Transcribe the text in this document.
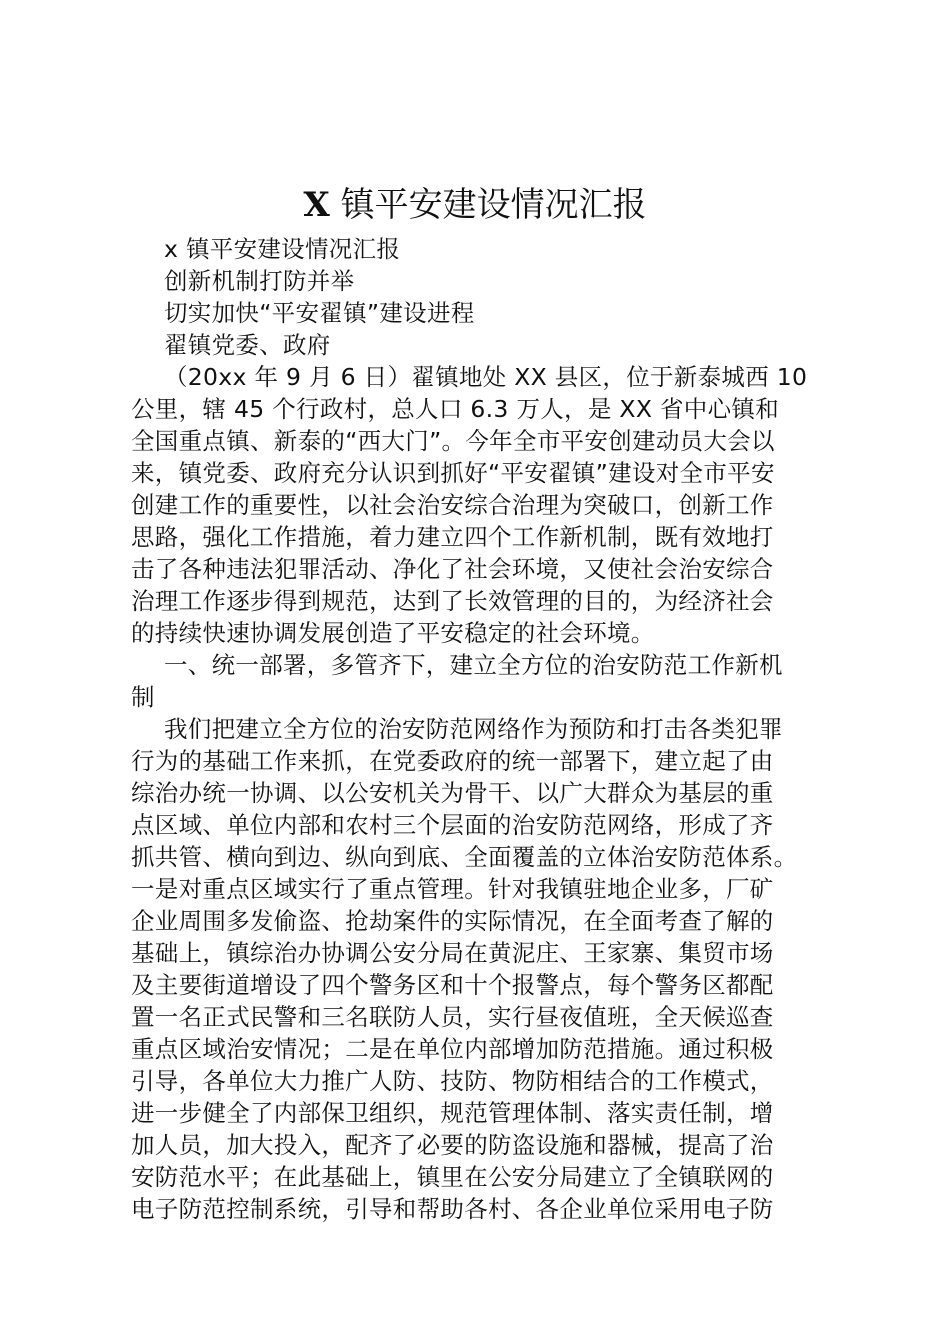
X 镇平安建设情况汇报
x 镇平安建设情况汇报
创新机制打防并举
切实加快“平安翟镇”建设进程
翟镇党委、政府
（20xx 年 9 月 6 日）翟镇地处 XX 县区，位于新泰城西 10
公里，辖 45 个行政村，总人口 6.3 万人，是 XX 省中心镇和
全国重点镇、新泰的“西大门”。今年全市平安创建动员大会以
来，镇党委、政府充分认识到抓好“平安翟镇”建设对全市平安
创建工作的重要性，以社会治安综合治理为突破口，创新工作
思路，强化工作措施，着力建立四个工作新机制，既有效地打
击了各种违法犯罪活动、净化了社会环境，又使社会治安综合
治理工作逐步得到规范，达到了长效管理的目的，为经济社会
的持续快速协调发展创造了平安稳定的社会环境。
一、统一部署，多管齐下，建立全方位的治安防范工作新机
制
我们把建立全方位的治安防范网络作为预防和打击各类犯罪
行为的基础工作来抓，在党委政府的统一部署下，建立起了由
综治办统一协调、以公安机关为骨干、以广大群众为基层的重
点区域、单位内部和农村三个层面的治安防范网络，形成了齐
抓共管、横向到边、纵向到底、全面覆盖的立体治安防范体系。
一是对重点区域实行了重点管理。针对我镇驻地企业多，厂矿
企业周围多发偷盗、抢劫案件的实际情况，在全面考查了解的
基础上，镇综治办协调公安分局在黄泥庄、王家寨、集贸市场
及主要街道增设了四个警务区和十个报警点，每个警务区都配
置一名正式民警和三名联防人员，实行昼夜值班，全天候巡查
重点区域治安情况；二是在单位内部增加防范措施。通过积极
引导，各单位大力推广人防、技防、物防相结合的工作模式，
进一步健全了内部保卫组织，规范管理体制、落实责任制，增
加人员，加大投入，配齐了必要的防盗设施和器械，提高了治
安防范水平；在此基础上，镇里在公安分局建立了全镇联网的
电子防范控制系统，引导和帮助各村、各企业单位采用电子防
